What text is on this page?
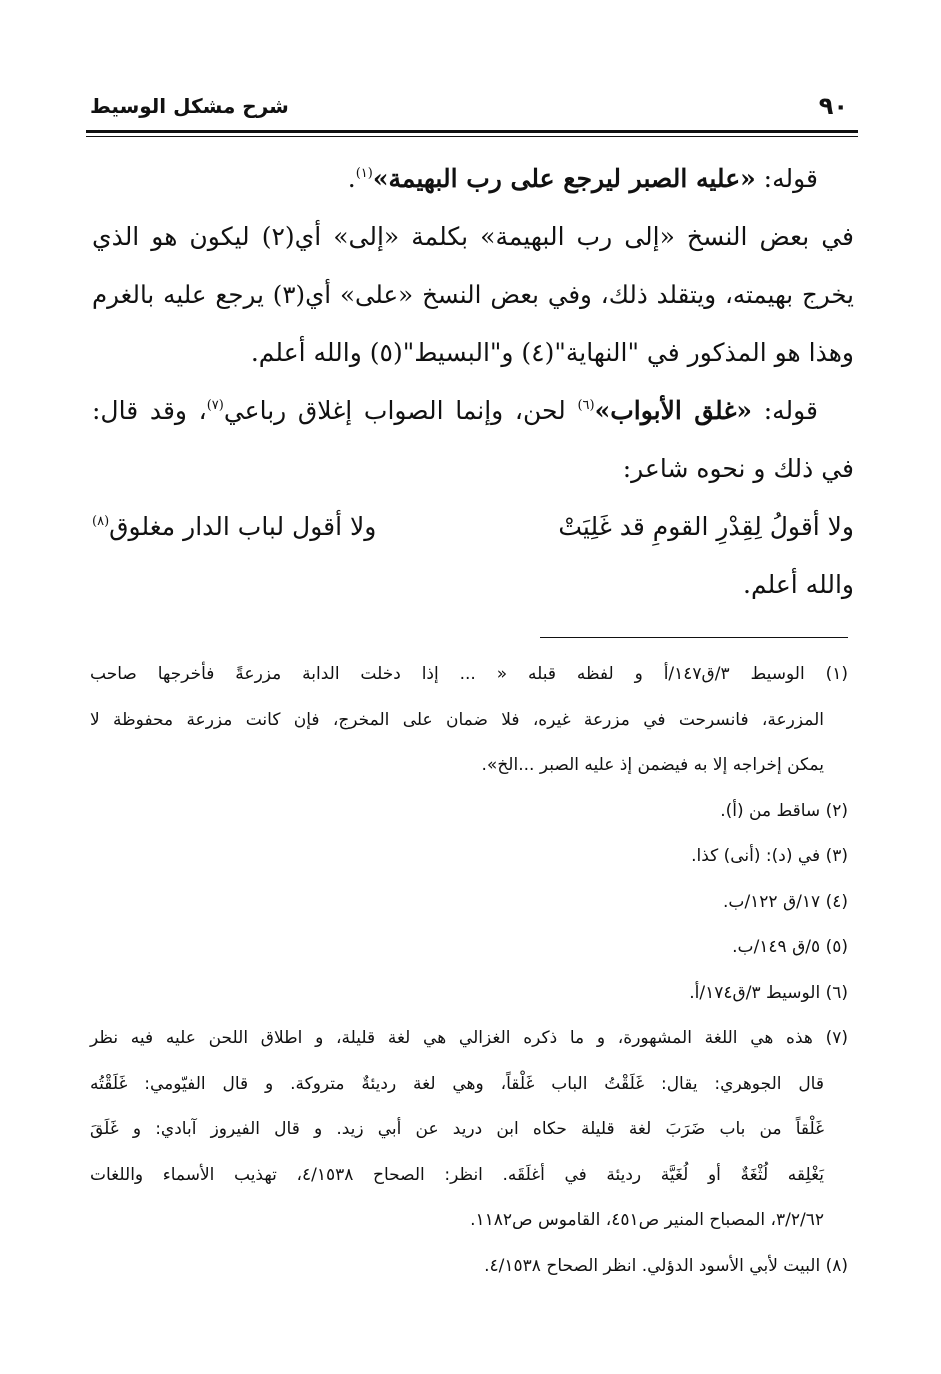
٩٠
شرح مشكل الوسيط
قوله: «عليه الصبر ليرجع على رب البهيمة»$^{(١)}$.
في بعض النسخ «إلى رب البهيمة» بكلمة «إلى» أي(٢) ليكون هو الذي
يخرج بهيمته، ويتقلد ذلك، وفي بعض النسخ «على» أي(٣) يرجع عليه بالغرم
وهذا هو المذكور في "النهاية"(٤) و"البسيط"(٥) والله أعلم.
قوله: «غلق الأبواب»$^{(٦)}$ لحن، وإنما الصواب إغلاق رباعي$^{(٧)}$، وقد قال:
في ذلك و نحوه شاعر:
ولا أقولُ لِقِدْرِ القومِ قد غَلِيَتْ
ولا أقول لباب الدار مغلوق$^{(٨)}$
والله أعلم.
(١) الوسيط ٣/ق١٤٧/أ و لفظه قبله « ... إذا دخلت الدابة مزرعةً فأخرجها صاحب
المزرعة، فانسرحت في مزرعة غيره، فلا ضمان على المخرج، فإن كانت مزرعة محفوظة لا
يمكن إخراجه إلا به فيضمن إذ عليه الصبر ...الخ».
(٢) ساقط من (أ).
(٣) في (د): (أنى) كذا.
(٤) ١٧/ق ١٢٢/ب.
(٥) ٥/ق ١٤٩/ب.
(٦) الوسيط ٣/ق١٧٤/أ.
(٧) هذه هي اللغة المشهورة، و ما ذكره الغزالي هي لغة قليلة، و اطلاق اللحن عليه فيه نظر
قال الجوهري: يقال: غَلَقْتُ الباب غَلْقاً، وهي لغة رديئةٌ متروكة. و قال الفيّومي: غَلَقْتُه
غَلْقاً من باب ضَرَبَ لغة قليلة حكاه ابن دريد عن أبي زيد. و قال الفيروز آبادي: و غَلَقَ
يَغْلِقه لُثْغَةٌ أو لُغَيَّة رديئة في أغلَقَه. انظر: الصحاح ٤/١٥٣٨، تهذيب الأسماء واللغات
٣/٢/٦٢، المصباح المنير ص٤٥١، القاموس ص١١٨٢.
(٨) البيت لأبي الأسود الدؤلي. انظر الصحاح ٤/١٥٣٨.
